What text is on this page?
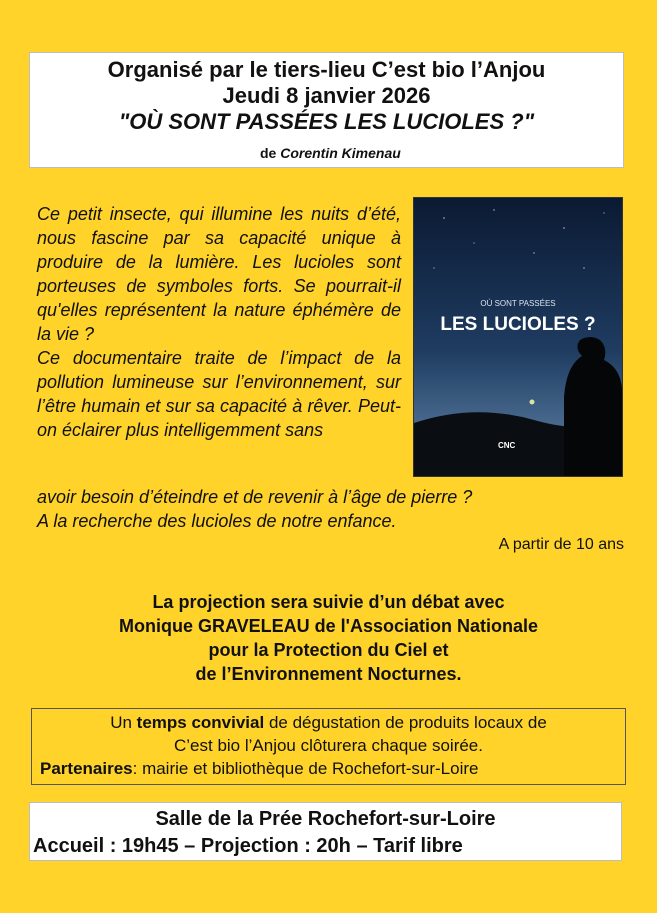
Organisé par le tiers-lieu C’est bio l’Anjou
Jeudi 8 janvier 2026
"OÙ SONT PASSÉES LES LUCIOLES ?"
de Corentin Kimenau
OÙ SONT PASSÉES
LES LUCIOLES ?
CNC
Ce petit insecte, qui illumine les nuits d’été, nous fascine par sa capacité unique à produire de la lumière. Les lucioles sont porteuses de symboles forts. Se pourrait-il qu'elles représentent la nature éphémère de la vie ?
Ce documentaire traite de l’impact de la pollution lumineuse sur l’environnement, sur l’être humain et sur sa capacité à rêver. Peut-on éclairer plus intelligemment sans
avoir besoin d’éteindre et de revenir à l’âge de pierre ?
A la recherche des lucioles de notre enfance.
A partir de 10 ans
La projection sera suivie d’un débat avec
Monique GRAVELEAU de l'Association Nationale
pour la Protection du Ciel et
de l’Environnement Nocturnes.
Un temps convivial de dégustation de produits locaux de
C’est bio l’Anjou clôturera chaque soirée.
Partenaires: mairie et bibliothèque de Rochefort-sur-Loire
Salle de la Prée Rochefort-sur-Loire
Accueil : 19h45 – Projection : 20h – Tarif libre
